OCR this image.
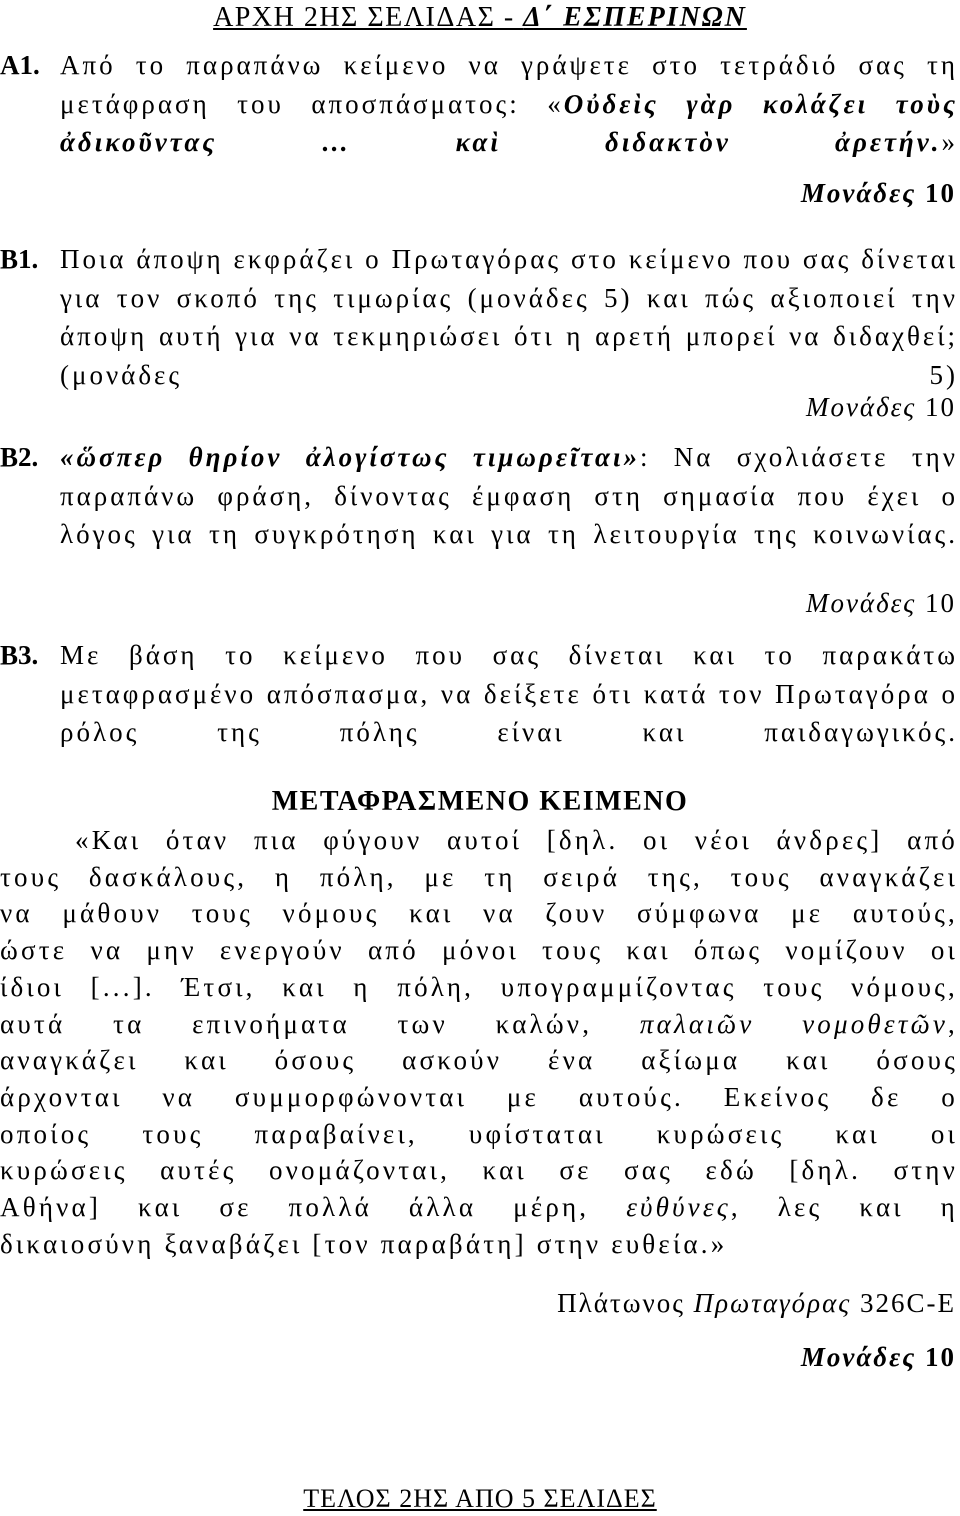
ΑΡΧΗ 2ΗΣ ΣΕΛΙΔΑΣ - Δ΄ ΕΣΠΕΡΙΝΩΝ
Α1. Από το παραπάνω κείμενο να γράψετε στο τετράδιό σας τη μετάφραση του αποσπάσματος: «Οὐδεὶς γὰρ κολάζει τοὺς ἀδικοῦντας … καὶ διδακτὸν ἀρετήν.»
Μονάδες 10
Β1. Ποια άποψη εκφράζει ο Πρωταγόρας στο κείμενο που σας δίνεται για τον σκοπό της τιμωρίας (μονάδες 5) και πώς αξιοποιεί την άποψη αυτή για να τεκμηριώσει ότι η αρετή μπορεί να διδαχθεί; (μονάδες 5)
Μονάδες 10
Β2. «ὥσπερ θηρίον ἀλογίστως τιμωρεῖται»: Να σχολιάσετε την παραπάνω φράση, δίνοντας έμφαση στη σημασία που έχει ο λόγος για τη συγκρότηση και για τη λειτουργία της κοινωνίας.
Μονάδες 10
Β3. Με βάση το κείμενο που σας δίνεται και το παρακάτω μεταφρασμένο απόσπασμα, να δείξετε ότι κατά τον Πρωταγόρα ο ρόλος της πόλης είναι και παιδαγωγικός.
ΜΕΤΑΦΡΑΣΜΕΝΟ ΚΕΙΜΕΝΟ
«Και όταν πια φύγουν αυτοί [δηλ. οι νέοι άνδρες] από
τους δασκάλους, η πόλη, με τη σειρά της, τους αναγκάζει
να μάθουν τους νόμους και να ζουν σύμφωνα με αυτούς,
ώστε να μην ενεργούν από μόνοι τους και όπως νομίζουν οι
ίδιοι [...]. Έτσι, και η πόλη, υπογραμμίζοντας τους νόμους,
αυτά τα επινοήματα των καλών, παλαιῶν νομοθετῶν,
αναγκάζει και όσους ασκούν ένα αξίωμα και όσους
άρχονται να συμμορφώνονται με αυτούς. Εκείνος δε ο
οποίος τους παραβαίνει, υφίσταται κυρώσεις και οι
κυρώσεις αυτές ονομάζονται, και σε σας εδώ [δηλ. στην
Αθήνα] και σε πολλά άλλα μέρη, εὐθύνες, λες και η
δικαιοσύνη ξαναβάζει [τον παραβάτη] στην ευθεία.»
Πλάτωνος Πρωταγόρας 326C-E
Μονάδες 10
ΤΕΛΟΣ 2ΗΣ ΑΠΟ 5 ΣΕΛΙΔΕΣ
